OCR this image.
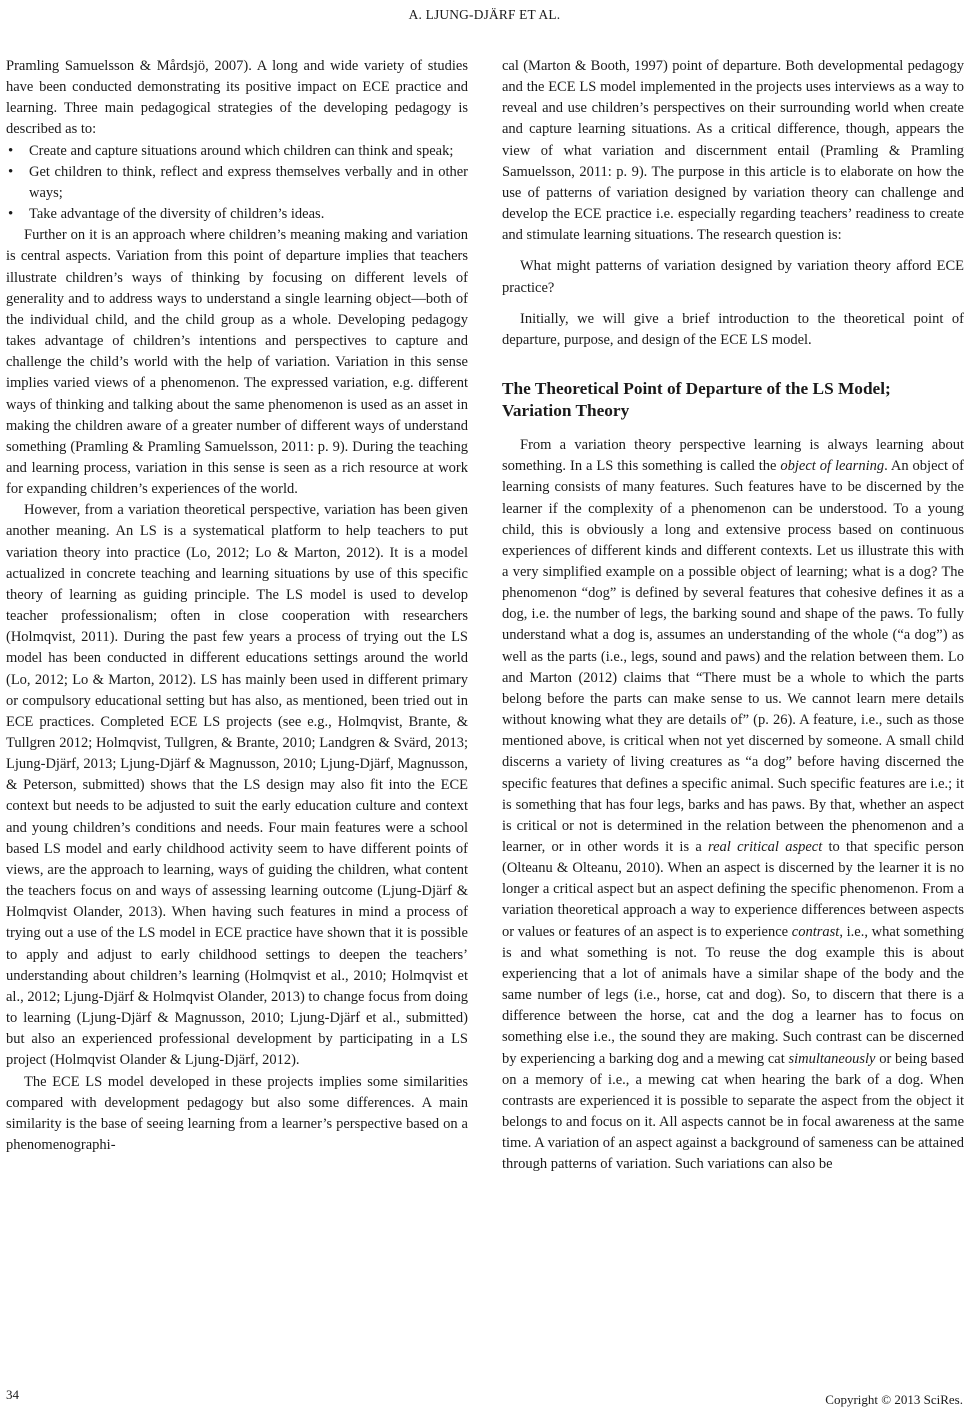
A. LJUNG-DJÄRF ET AL.

Pramling Samuelsson & Mårdsjö, 2007). A long and wide variety of studies have been conducted demonstrating its positive impact on ECE practice and learning. Three main pedagogical strategies of the developing pedagogy is described as to:

• Create and capture situations around which children can think and speak;
• Get children to think, reflect and express themselves verbally and in other ways;
• Take advantage of the diversity of children’s ideas.

Further on it is an approach where children’s meaning making and variation is central aspects. Variation from this point of departure implies that teachers illustrate children’s ways of thinking by focusing on different levels of generality and to address ways to understand a single learning object—both of the individual child, and the child group as a whole. Developing pedagogy takes advantage of children’s intentions and perspectives to capture and challenge the child’s world with the help of variation. Variation in this sense implies varied views of a phenomenon. The expressed variation, e.g. different ways of thinking and talking about the same phenomenon is used as an asset in making the children aware of a greater number of different ways of understand something (Pramling & Pramling Samuelsson, 2011: p. 9). During the teaching and learning process, variation in this sense is seen as a rich resource at work for expanding children’s experiences of the world.

However, from a variation theoretical perspective, variation has been given another meaning. An LS is a systematical platform to help teachers to put variation theory into practice (Lo, 2012; Lo & Marton, 2012). It is a model actualized in concrete teaching and learning situations by use of this specific theory of learning as guiding principle. The LS model is used to develop teacher professionalism; often in close cooperation with researchers (Holmqvist, 2011). During the past few years a process of trying out the LS model has been conducted in different educations settings around the world (Lo, 2012; Lo & Marton, 2012). LS has mainly been used in different primary or compulsory educational setting but has also, as mentioned, been tried out in ECE practices. Completed ECE LS projects (see e.g., Holmqvist, Brante, & Tullgren 2012; Holmqvist, Tullgren, & Brante, 2010; Landgren & Svärd, 2013; Ljung-Djärf, 2013; Ljung-Djärf & Magnusson, 2010; Ljung-Djärf, Magnusson, & Peterson, submitted) shows that the LS design may also fit into the ECE context but needs to be adjusted to suit the early education culture and context and young children’s conditions and needs. Four main features were a school based LS model and early childhood activity seem to have different points of views, are the approach to learning, ways of guiding the children, what content the teachers focus on and ways of assessing learning outcome (Ljung-Djärf & Holmqvist Olander, 2013). When having such features in mind a process of trying out a use of the LS model in ECE practice have shown that it is possible to apply and adjust to early childhood settings to deepen the teachers’ understanding about children’s learning (Holmqvist et al., 2010; Holmqvist et al., 2012; Ljung-Djärf & Holmqvist Olander, 2013) to change focus from doing to learning (Ljung-Djärf & Magnusson, 2010; Ljung-Djärf et al., submitted) but also an experienced professional development by participating in a LS project (Holmqvist Olander & Ljung-Djärf, 2012).

The ECE LS model developed in these projects implies some similarities compared with development pedagogy but also some differences. A main similarity is the base of seeing learning from a learner’s perspective based on a phenomenographi-

cal (Marton & Booth, 1997) point of departure. Both developmental pedagogy and the ECE LS model implemented in the projects uses interviews as a way to reveal and use children’s perspectives on their surrounding world when create and capture learning situations. As a critical difference, though, appears the view of what variation and discernment entail (Pramling & Pramling Samuelsson, 2011: p. 9). The purpose in this article is to elaborate on how the use of patterns of variation designed by variation theory can challenge and develop the ECE practice i.e. especially regarding teachers’ readiness to create and stimulate learning situations. The research question is:

What might patterns of variation designed by variation theory afford ECE practice?

Initially, we will give a brief introduction to the theoretical point of departure, purpose, and design of the ECE LS model.

The Theoretical Point of Departure of the LS Model; Variation Theory

From a variation theory perspective learning is always learning about something. In a LS this something is called the object of learning. An object of learning consists of many features. Such features have to be discerned by the learner if the complexity of a phenomenon can be understood. To a young child, this is obviously a long and extensive process based on continuous experiences of different kinds and different contexts. Let us illustrate this with a very simplified example on a possible object of learning; what is a dog? The phenomenon “dog” is defined by several features that cohesive defines it as a dog, i.e. the number of legs, the barking sound and shape of the paws. To fully understand what a dog is, assumes an understanding of the whole (“a dog”) as well as the parts (i.e., legs, sound and paws) and the relation between them. Lo and Marton (2012) claims that “There must be a whole to which the parts belong before the parts can make sense to us. We cannot learn mere details without knowing what they are details of” (p. 26). A feature, i.e., such as those mentioned above, is critical when not yet discerned by someone. A small child discerns a variety of living creatures as “a dog” before having discerned the specific features that defines a specific animal. Such specific features are i.e.; it is something that has four legs, barks and has paws. By that, whether an aspect is critical or not is determined in the relation between the phenomenon and a learner, or in other words it is a real critical aspect to that specific person (Olteanu & Olteanu, 2010). When an aspect is discerned by the learner it is no longer a critical aspect but an aspect defining the specific phenomenon. From a variation theoretical approach a way to experience differences between aspects or values or features of an aspect is to experience contrast, i.e., what something is and what something is not. To reuse the dog example this is about experiencing that a lot of animals have a similar shape of the body and the same number of legs (i.e., horse, cat and dog). So, to discern that there is a difference between the horse, cat and the dog a learner has to focus on something else i.e., the sound they are making. Such contrast can be discerned by experiencing a barking dog and a mewing cat simultaneously or being based on a memory of i.e., a mewing cat when hearing the bark of a dog. When contrasts are experienced it is possible to separate the aspect from the object it belongs to and focus on it. All aspects cannot be in focal awareness at the same time. A variation of an aspect against a background of sameness can be attained through patterns of variation. Such variations can also be

34	Copyright © 2013 SciRes.
